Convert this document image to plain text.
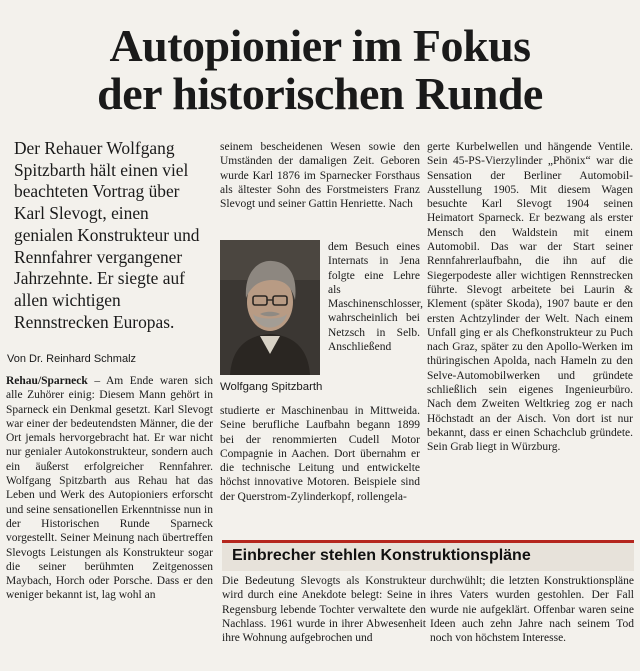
Autopionier im Fokus
der historischen Runde
Der Rehauer Wolfgang Spitzbarth hält einen viel beachteten Vortrag über Karl Slevogt, einen genialen Konstrukteur und Rennfahrer vergangener Jahrzehnte. Er siegte auf allen wichtigen Rennstrecken Europas.
Von Dr. Reinhard Schmalz

Rehau/Sparneck – Am Ende waren sich alle Zuhörer einig: Diesem Mann gehört in Sparneck ein Denkmal gesetzt. Karl Slevogt war einer der bedeutendsten Männer, die der Ort jemals hervorgebracht hat. Er war nicht nur genialer Autokonstrukteur, sondern auch ein äußerst erfolgreicher Rennfahrer. Wolfgang Spitzbarth aus Rehau hat das Leben und Werk des Autopioniers erforscht und seine sensationellen Erkenntnisse nun in der Historischen Runde Sparneck vorgestellt. Seiner Meinung nach übertreffen Slevogts Leistungen als Konstrukteur sogar die seiner berühmten Zeitgenossen Maybach, Horch oder Porsche. Dass er den weniger bekannt ist, lag wohl an

seinem bescheidenen Wesen sowie den Umständen der damaligen Zeit. Geboren wurde Karl 1876 im Sparnecker Forsthaus als ältester Sohn des Forstmeisters Franz Slevogt und seiner Gattin Henriette. Nach

Wolfgang Spitzbarth

dem Besuch eines Internats in Jena folgte eine Lehre als Maschinenschlosser, wahrscheinlich bei Netzsch in Selb. Anschließend

studierte er Maschinenbau in Mittweida. Seine berufliche Laufbahn begann 1899 bei der renommierten Cudell Motor Compagnie in Aachen. Dort übernahm er die technische Leitung und entwickelte höchst innovative Motoren. Beispiele sind der Querstrom-Zylinderkopf, rollengela-

gerte Kurbelwellen und hängende Ventile. Sein 45-PS-Vierzylinder „Phönix“ war die Sensation der Berliner Automobil-Ausstellung 1905. Mit diesem Wagen besuchte Karl Slevogt 1904 seinen Heimatort Sparneck. Er bezwang als erster Mensch den Waldstein mit einem Automobil. Das war der Start seiner Rennfahrerlaufbahn, die ihn auf die Siegerpodeste aller wichtigen Rennstrecken führte. Slevogt arbeitete bei Laurin & Klement (später Skoda), 1907 baute er den ersten Achtzylinder der Welt. Nach einem Unfall ging er als Chefkonstrukteur zu Puch nach Graz, später zu den Apollo-Werken im thüringischen Apolda, nach Hameln zu den Selve-Automobilwerken und gründete schließlich sein eigenes Ingenieurbüro. Nach dem Zweiten Weltkrieg zog er nach Höchstadt an der Aisch. Von dort ist nur bekannt, dass er einen Schachclub gründete. Sein Grab liegt in Würzburg.

Einbrecher stehlen Konstruktionspläne

Die Bedeutung Slevogts als Konstrukteur wird durch eine Anekdote belegt: Seine in Regensburg lebende Tochter verwaltete den Nachlass. 1961 wurde in ihrer Abwesenheit ihre Wohnung aufgebrochen und

durchwühlt; die letzten Konstruktionspläne ihres Vaters wurden gestohlen. Der Fall wurde nie aufgeklärt. Offenbar waren seine Ideen auch zehn Jahre nach seinem Tod noch von höchstem Interesse.
